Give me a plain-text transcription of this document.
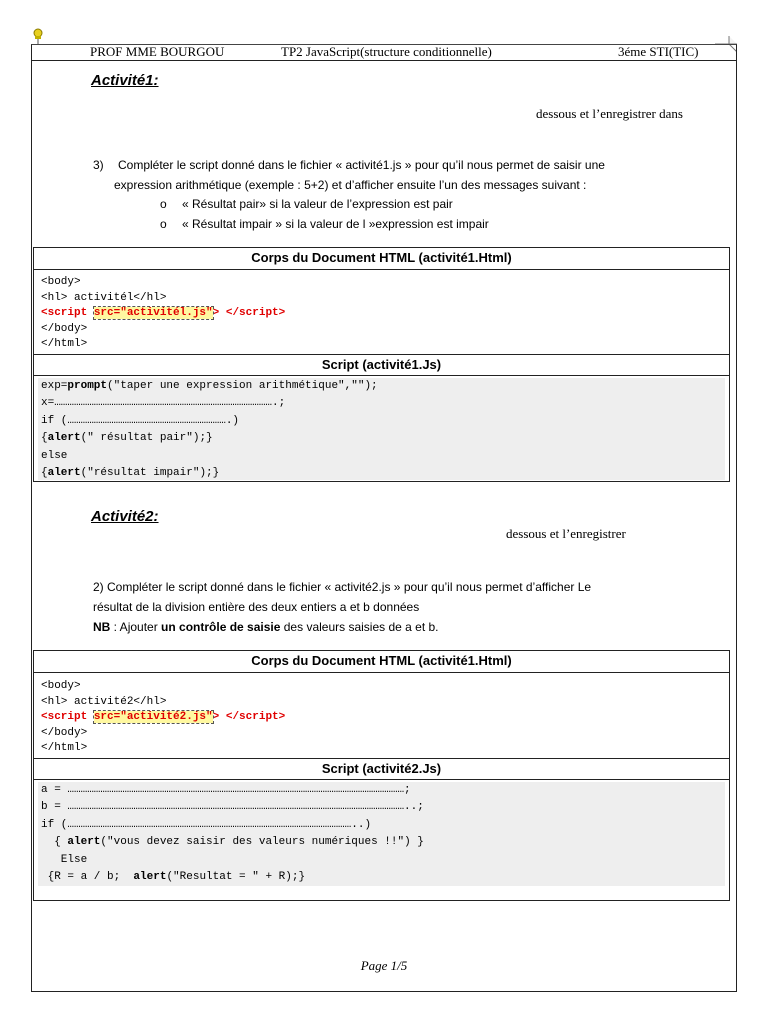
PROF MME BOURGOU	TP2 JavaScript(structure conditionnelle)	3éme STI(TIC)
Activité1:
dessous et l’enregistrer dans
3) Compléter le script donné dans le fichier « activité1.js » pour qu’il nous permet de saisir une
expression arithmétique (exemple : 5+2) et d’afficher ensuite l’un des messages suivant :
o « Résultat pair» si la valeur de l’expression est pair
o « Résultat impair » si la valeur de l »expression est impair
Corps du Document HTML (activité1.Html)
<body>
<hl> activitél</hl>
<script src="activitél.js"> </script>
</body>
</html>
Script (activité1.Js)
exp=prompt("taper une expression arithmétique","");
x=……………………………………………………………………………………….;
if (……………………………………………………………….)
{alert(" résultat pair");}
else
{alert("résultat impair");}
Activité2:
dessous et l’enregistrer
2) Compléter le script donné dans le fichier « activité2.js » pour qu’il nous permet d’afficher Le
résultat de la division entière des deux entiers a et b données
NB : Ajouter un contrôle de saisie des valeurs saisies de a et b.
Corps du Document HTML (activité1.Html)
<body>
<hl> activité2</hl>
<script src="activité2.js"> </script>
</body>
</html>
Script (activité2.Js)
a = ………………………………………………………………………………………………………………………………………;
b = ………………………………………………………………………………………………………………………………………..;
if (…………………………………………………………………………………………………………………..)
{ alert("vous devez saisir des valeurs numériques !!") }
Else
{R = a / b;  alert("Resultat = " + R);}
Page 1/5
